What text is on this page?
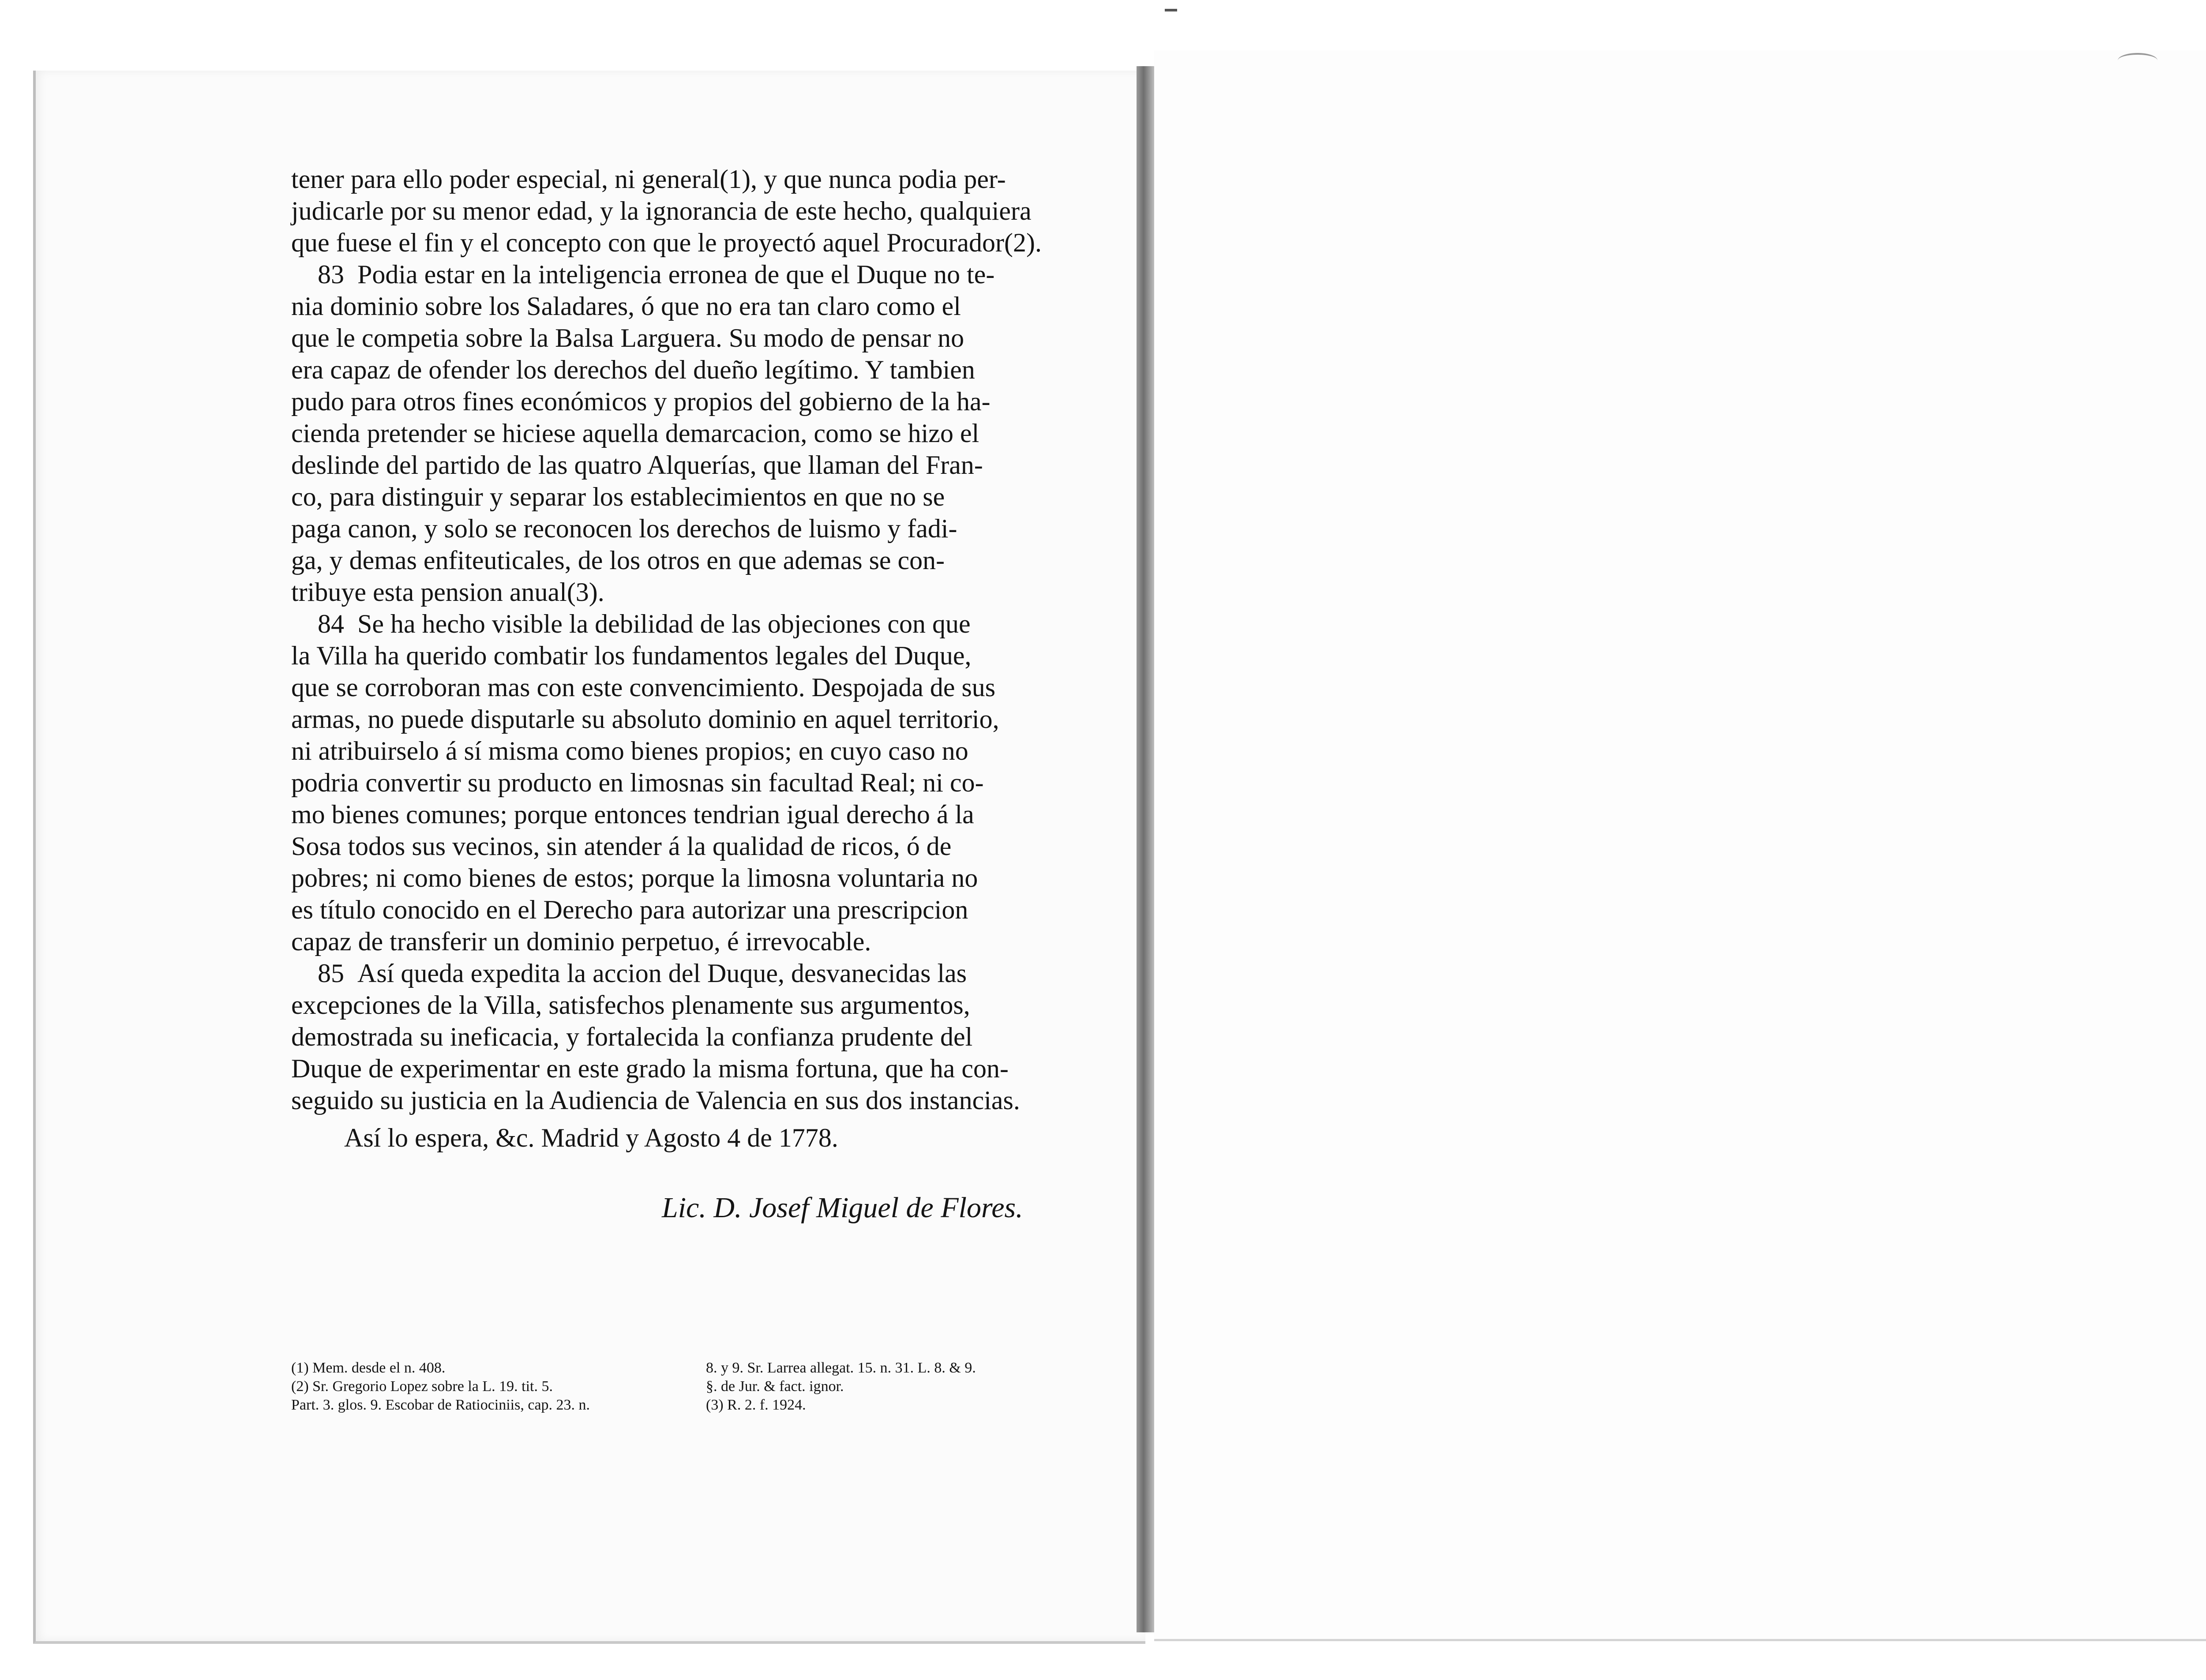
tener para ello poder especial, ni general(1), y que nunca podia per-
judicarle por su menor edad, y la ignorancia de este hecho, qualquiera
que fuese el fin y el concepto con que le proyectó aquel Procurador(2).
83 Podia estar en la inteligencia erronea de que el Duque no te-
nia dominio sobre los Saladares, ó que no era tan claro como el
que le competia sobre la Balsa Larguera. Su modo de pensar no
era capaz de ofender los derechos del dueño legítimo. Y tambien
pudo para otros fines económicos y propios del gobierno de la ha-
cienda pretender se hiciese aquella demarcacion, como se hizo el
deslinde del partido de las quatro Alquerías, que llaman del Fran-
co, para distinguir y separar los establecimientos en que no se
paga canon, y solo se reconocen los derechos de luismo y fadi-
ga, y demas enfiteuticales, de los otros en que ademas se con-
tribuye esta pension anual(3).
84 Se ha hecho visible la debilidad de las objeciones con que
la Villa ha querido combatir los fundamentos legales del Duque,
que se corroboran mas con este convencimiento. Despojada de sus
armas, no puede disputarle su absoluto dominio en aquel territorio,
ni atribuirselo á sí misma como bienes propios; en cuyo caso no
podria convertir su producto en limosnas sin facultad Real; ni co-
mo bienes comunes; porque entonces tendrian igual derecho á la
Sosa todos sus vecinos, sin atender á la qualidad de ricos, ó de
pobres; ni como bienes de estos; porque la limosna voluntaria no
es título conocido en el Derecho para autorizar una prescripcion
capaz de transferir un dominio perpetuo, é irrevocable.
85 Así queda expedita la accion del Duque, desvanecidas las
excepciones de la Villa, satisfechos plenamente sus argumentos,
demostrada su ineficacia, y fortalecida la confianza prudente del
Duque de experimentar en este grado la misma fortuna, que ha con-
seguido su justicia en la Audiencia de Valencia en sus dos instancias.
Así lo espera, &c. Madrid y Agosto 4 de 1778.
Lic. D. Josef Miguel de Flores.
(1) Mem. desde el n. 408.
(2) Sr. Gregorio Lopez sobre la L. 19. tit. 5.
Part. 3. glos. 9. Escobar de Ratiociniis, cap. 23. n.
8. y 9. Sr. Larrea allegat. 15. n. 31. L. 8. & 9.
§. de Jur. & fact. ignor.
(3) R. 2. f. 1924.
